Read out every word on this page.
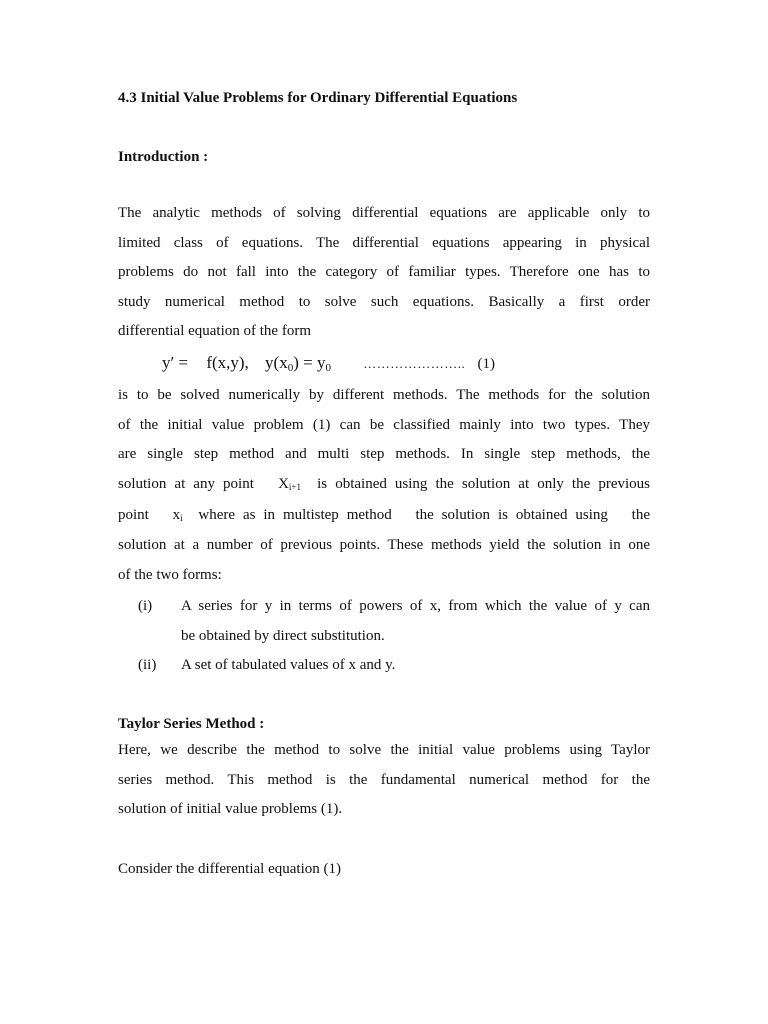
4.3 Initial Value Problems for Ordinary Differential Equations
Introduction :
The analytic methods of solving differential equations are applicable only to
limited class of equations. The differential equations appearing in physical
problems do not fall into the category of familiar types. Therefore one has to
study numerical method to solve such equations. Basically a first order
differential equation of the form
y′ = f(x,y), $y(x_0) = y_0$ ………………….. (1)
is to be solved numerically by different methods. The methods for the solution
of the initial value problem (1) can be classified mainly into two types. They
are single step method and multi step methods. In single step methods, the
solution at any point   $X_{i+1}$  is obtained using the solution at only the previous
point   $x_i$  where as in multistep method   the solution is obtained using   the
solution at a number of previous points. These methods yield the solution in one
of the two forms:
(i)	A series for y in terms of powers of x, from which the value of y can
be obtained by direct substitution.
(ii)	A set of tabulated values of x and y.
Taylor Series Method :
Here, we describe the method to solve the initial value problems using Taylor
series method. This method is the fundamental numerical method for the
solution of initial value problems (1).
Consider the differential equation (1)
